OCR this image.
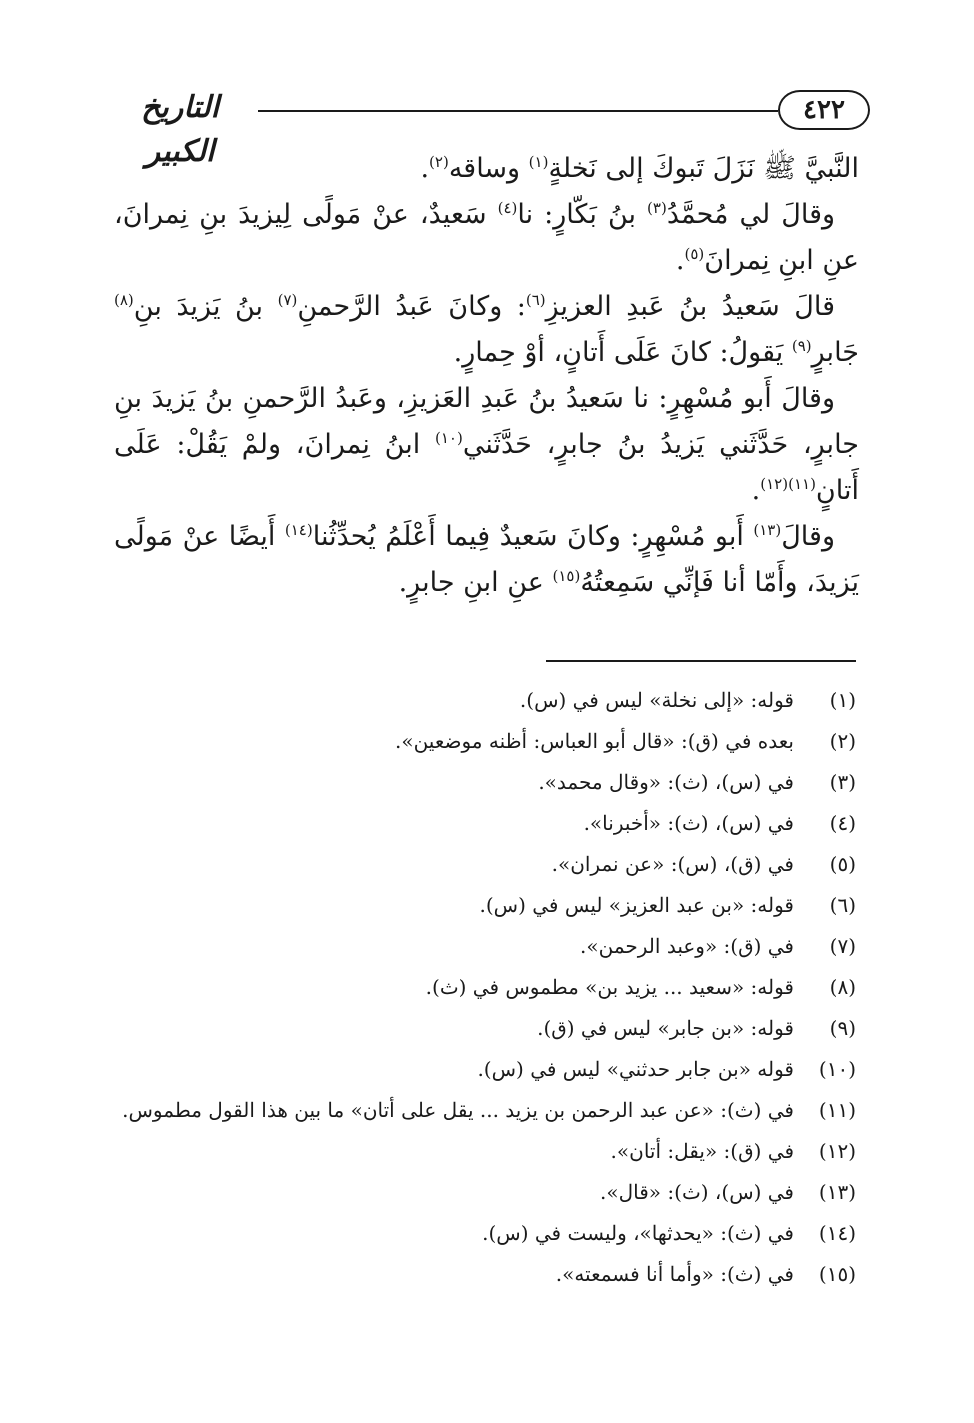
٤٢٢
التاريخ الكبير	النَّبيَّ ﷺ نَزَلَ تَبوكَ إلى نَخلةٍ$^{(١)}$ وساقه$^{(٢)}$.

وقالَ لي مُحمَّدُ$^{(٣)}$ بنُ بَكّارٍ: نا$^{(٤)}$ سَعيدٌ، عنْ مَولًى لِيزيدَ بنِ نِمرانَ، عنِ ابنِ نِمرانَ$^{(٥)}$.

قالَ سَعيدُ بنُ عَبدِ العزيزِ$^{(٦)}$: وكانَ عَبدُ الرَّحمنِ$^{(٧)}$ بنُ يَزيدَ بنِ$^{(٨)}$ جَابرٍ$^{(٩)}$ يَقولُ: كانَ عَلَى أَتانٍ، أوْ حِمارٍ.

وقالَ أَبو مُسْهِرٍ: نا سَعيدُ بنُ عَبدِ العَزيزِ، وعَبدُ الرَّحمنِ بنُ يَزيدَ بنِ جابرٍ، حَدَّثَني يَزيدُ بنُ جابرٍ، حَدَّثَني$^{(١٠)}$ ابنُ نِمرانَ، ولمْ يَقُلْ: عَلَى أَتانٍ$^{(١١)(١٢)}$.

وقالَ$^{(١٣)}$ أَبو مُسْهِرٍ: وكانَ سَعيدٌ فِيما أَعْلَمُ يُحدِّثُنا$^{(١٤)}$ أَيضًا عنْ مَولًى يَزيدَ، وأَمّا أنا فَإنِّي سَمِعتُهُ$^{(١٥)}$ عنِ ابنِ جابرٍ.

(١)
قوله: «إلى نخلة» ليس في (س).
(٢)
بعده في (ق): «قال أبو العباس: أظنه موضعين».
(٣)
في (س)، (ث): «وقال محمد».
(٤)
في (س)، (ث): «أخبرنا».
(٥)
في (ق)، (س): «عن نمران».
(٦)
قوله: «بن عبد العزيز» ليس في (س).
(٧)
في (ق): «وعبد الرحمن».
(٨)
قوله: «سعيد ... يزيد بن» مطموس في (ث).
(٩)
قوله: «بن جابر» ليس في (ق).
(١٠)
قوله «بن جابر حدثني» ليس في (س).
(١١)
في (ث): «عن عبد الرحمن بن يزيد ... يقل على أتان» ما بين هذا القول مطموس.
(١٢)
في (ق): «يقل: أتان».
(١٣)
في (س)، (ث): «قال».
(١٤)
في (ث): «يحدثها»، وليست في (س).
(١٥)
في (ث): «وأما أنا فسمعته».
